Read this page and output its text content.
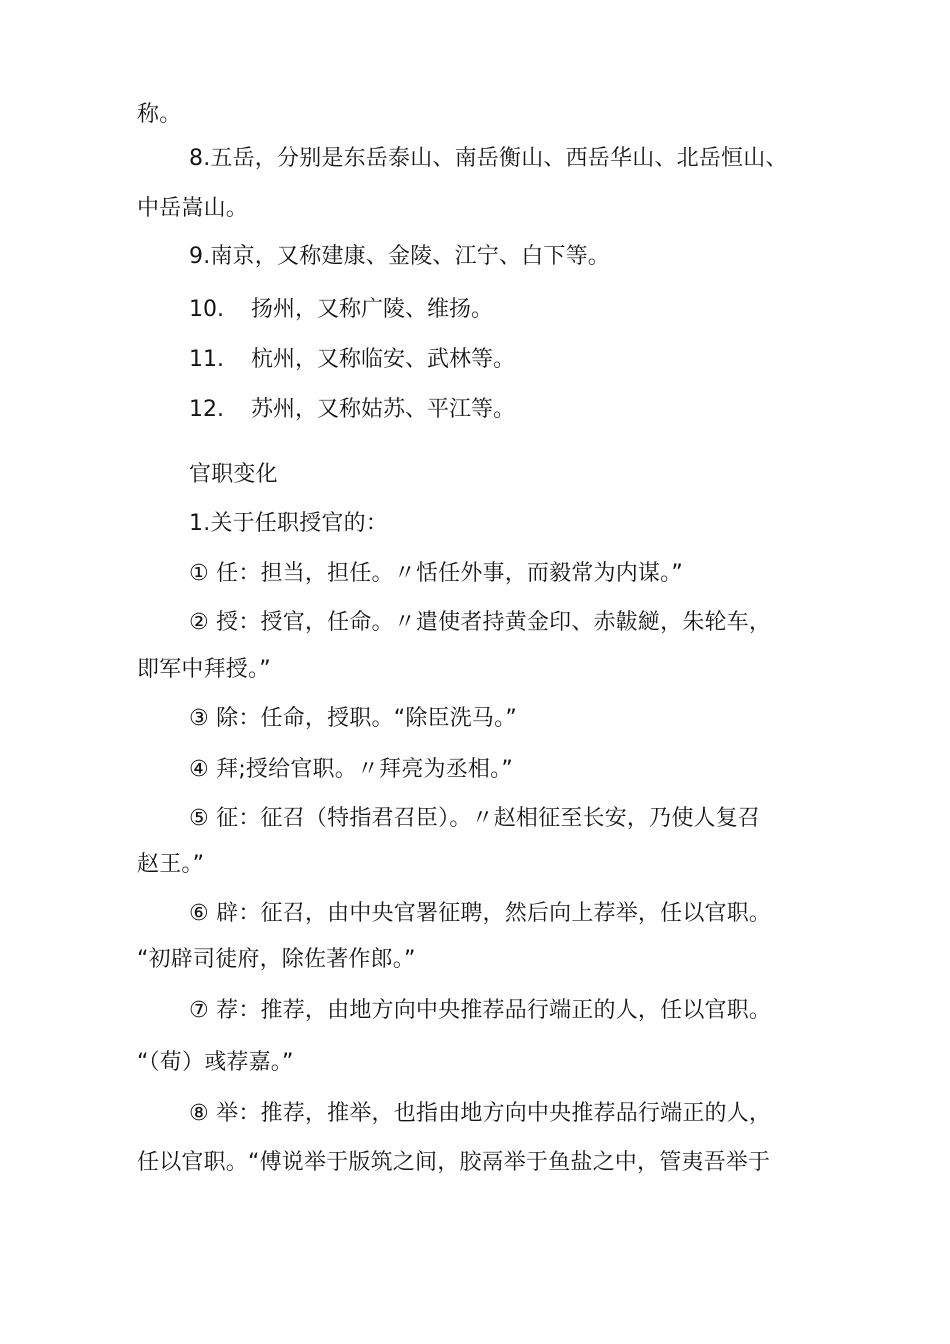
称。
8.五岳，分别是东岳泰山、南岳衡山、西岳华山、北岳恒山、
中岳嵩山。
9.南京，又称建康、金陵、江宁、白下等。
10. 扬州，又称广陵、维扬。
11. 杭州，又称临安、武林等。
12. 苏州，又称姑苏、平江等。
官职变化
1.关于任职授官的：
① 任：担当，担任。〃恬任外事，而毅常为内谋。”
② 授：授官，任命。〃遣使者持黄金印、赤韍縌，朱轮车，
即军中拜授。”
③ 除：任命，授职。“除臣洗马。”
④ 拜;授给官职。〃拜亮为丞相。”
⑤ 征：征召（特指君召臣）。〃赵相征至长安，乃使人复召
赵王。”
⑥ 辟：征召，由中央官署征聘，然后向上荐举，任以官职。
“初辟司徒府，除佐著作郎。”
⑦ 荐：推荐，由地方向中央推荐品行端正的人，任以官职。
“（荀）彧荐嘉。”
⑧ 举：推荐，推举，也指由地方向中央推荐品行端正的人，
任以官职。“傅说举于版筑之间，胶鬲举于鱼盐之中，管夷吾举于
